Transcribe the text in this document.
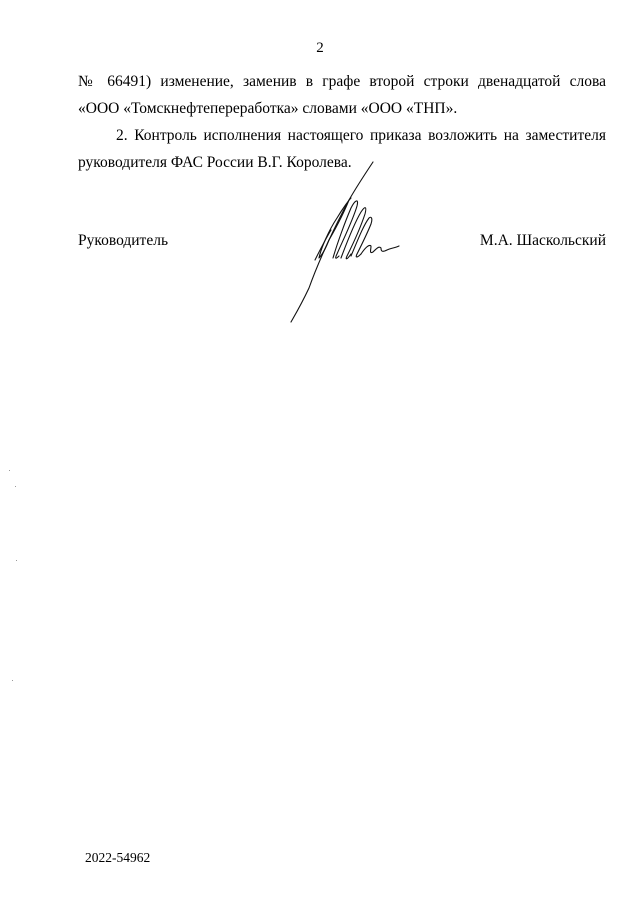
2
№ 66491) изменение, заменив в графе второй строки двенадцатой слова
«ООО «Томскнефтепереработка» словами «ООО «ТНП».
2. Контроль исполнения настоящего приказа возложить на заместителя
руководителя ФАС России В.Г. Королева.
Руководитель	М.А. Шаскольский
2022-54962
